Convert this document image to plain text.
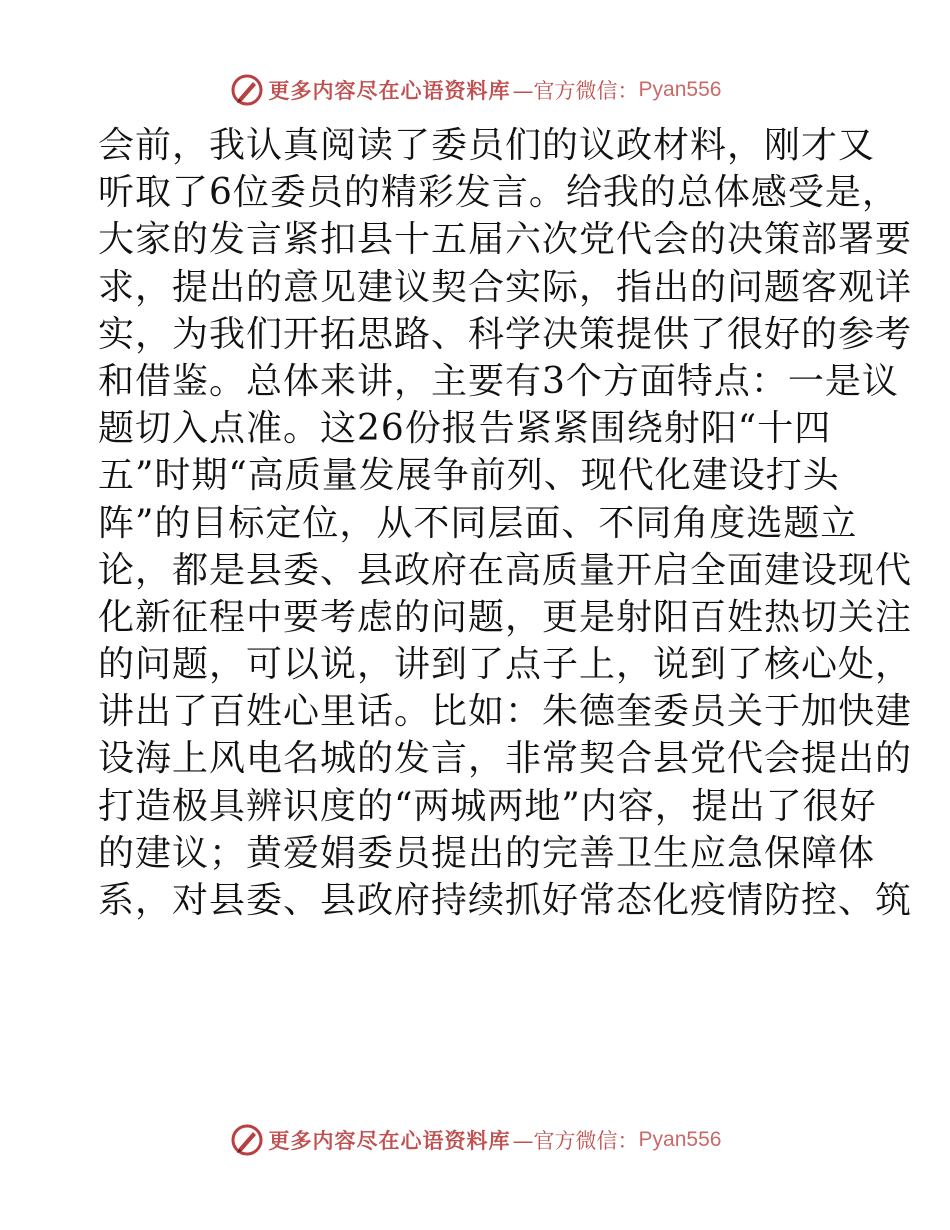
更多内容尽在心语资料库 —官方微信： Pyan556
会前，我认真阅读了委员们的议政材料，刚才又
听取了6位委员的精彩发言。给我的总体感受是，
大家的发言紧扣县十五届六次党代会的决策部署要
求，提出的意见建议契合实际，指出的问题客观详
实，为我们开拓思路、科学决策提供了很好的参考
和借鉴。总体来讲，主要有3个方面特点：一是议
题切入点准。这26份报告紧紧围绕射阳“十四
五”时期“高质量发展争前列、现代化建设打头
阵”的目标定位，从不同层面、不同角度选题立
论，都是县委、县政府在高质量开启全面建设现代
化新征程中要考虑的问题，更是射阳百姓热切关注
的问题，可以说，讲到了点子上，说到了核心处，
讲出了百姓心里话。比如：朱德奎委员关于加快建
设海上风电名城的发言，非常契合县党代会提出的
打造极具辨识度的“两城两地”内容，提出了很好
的建议；黄爱娟委员提出的完善卫生应急保障体
系，对县委、县政府持续抓好常态化疫情防控、筑
更多内容尽在心语资料库 —官方微信： Pyan556
